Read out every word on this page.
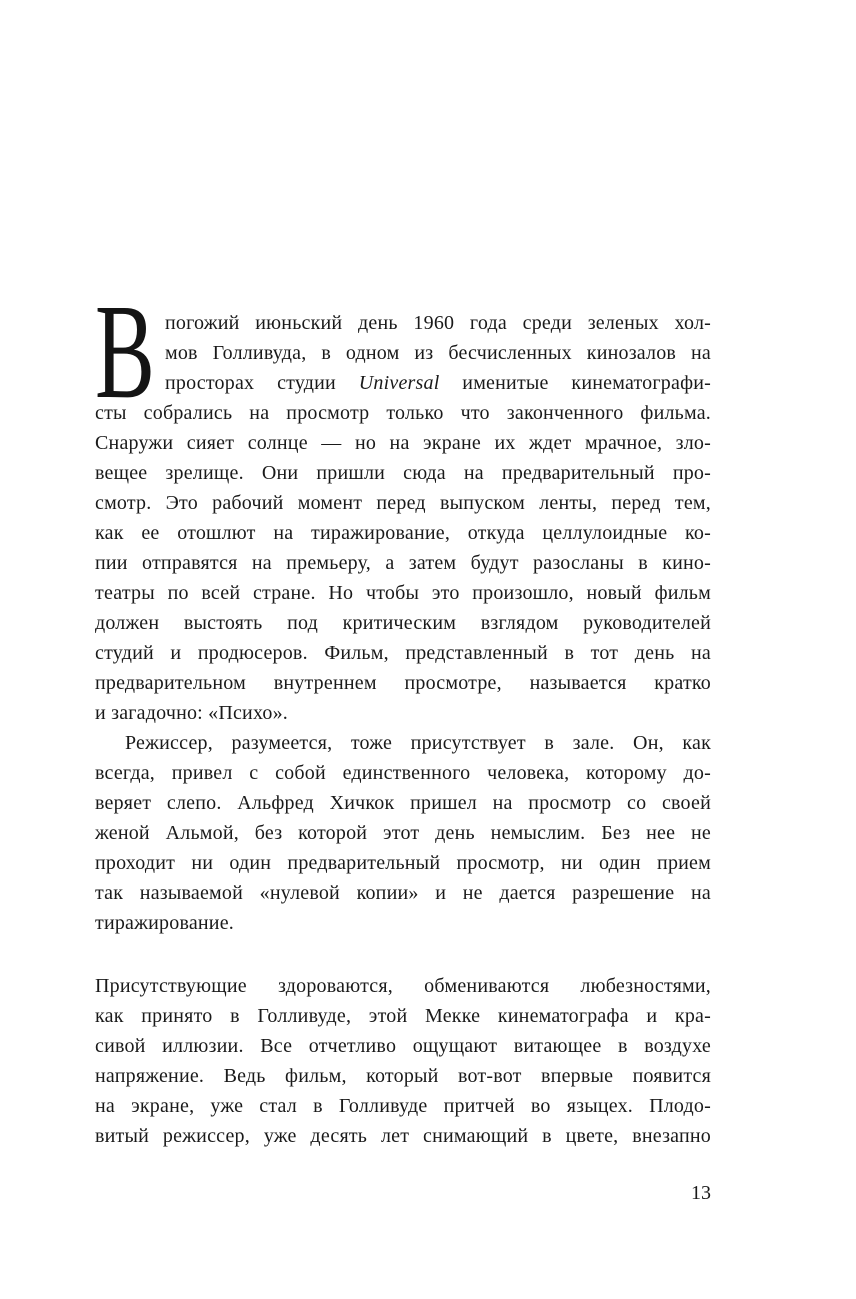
В погожий июньский день 1960 года среди зеленых хол-
мов Голливуда, в одном из бесчисленных кинозалов на
просторах студии Universal именитые кинематографи-
сты собрались на просмотр только что законченного фильма.
Снаружи сияет солнце — но на экране их ждет мрачное, зло-
вещее зрелище. Они пришли сюда на предварительный про-
смотр. Это рабочий момент перед выпуском ленты, перед тем,
как ее отошлют на тиражирование, откуда целлулоидные ко-
пии отправятся на премьеру, а затем будут разосланы в кино-
театры по всей стране. Но чтобы это произошло, новый фильм
должен выстоять под критическим взглядом руководителей
студий и продюсеров. Фильм, представленный в тот день на
предварительном внутреннем просмотре, называется кратко
и загадочно: «Психо».
Режиссер, разумеется, тоже присутствует в зале. Он, как
всегда, привел с собой единственного человека, которому до-
веряет слепо. Альфред Хичкок пришел на просмотр со своей
женой Альмой, без которой этот день немыслим. Без нее не
проходит ни один предварительный просмотр, ни один прием
так называемой «нулевой копии» и не дается разрешение на
тиражирование.
Присутствующие здороваются, обмениваются любезностями,
как принято в Голливуде, этой Мекке кинематографа и кра-
сивой иллюзии. Все отчетливо ощущают витающее в воздухе
напряжение. Ведь фильм, который вот-вот впервые появится
на экране, уже стал в Голливуде притчей во языцех. Плодо-
витый режиссер, уже десять лет снимающий в цвете, внезапно
13
